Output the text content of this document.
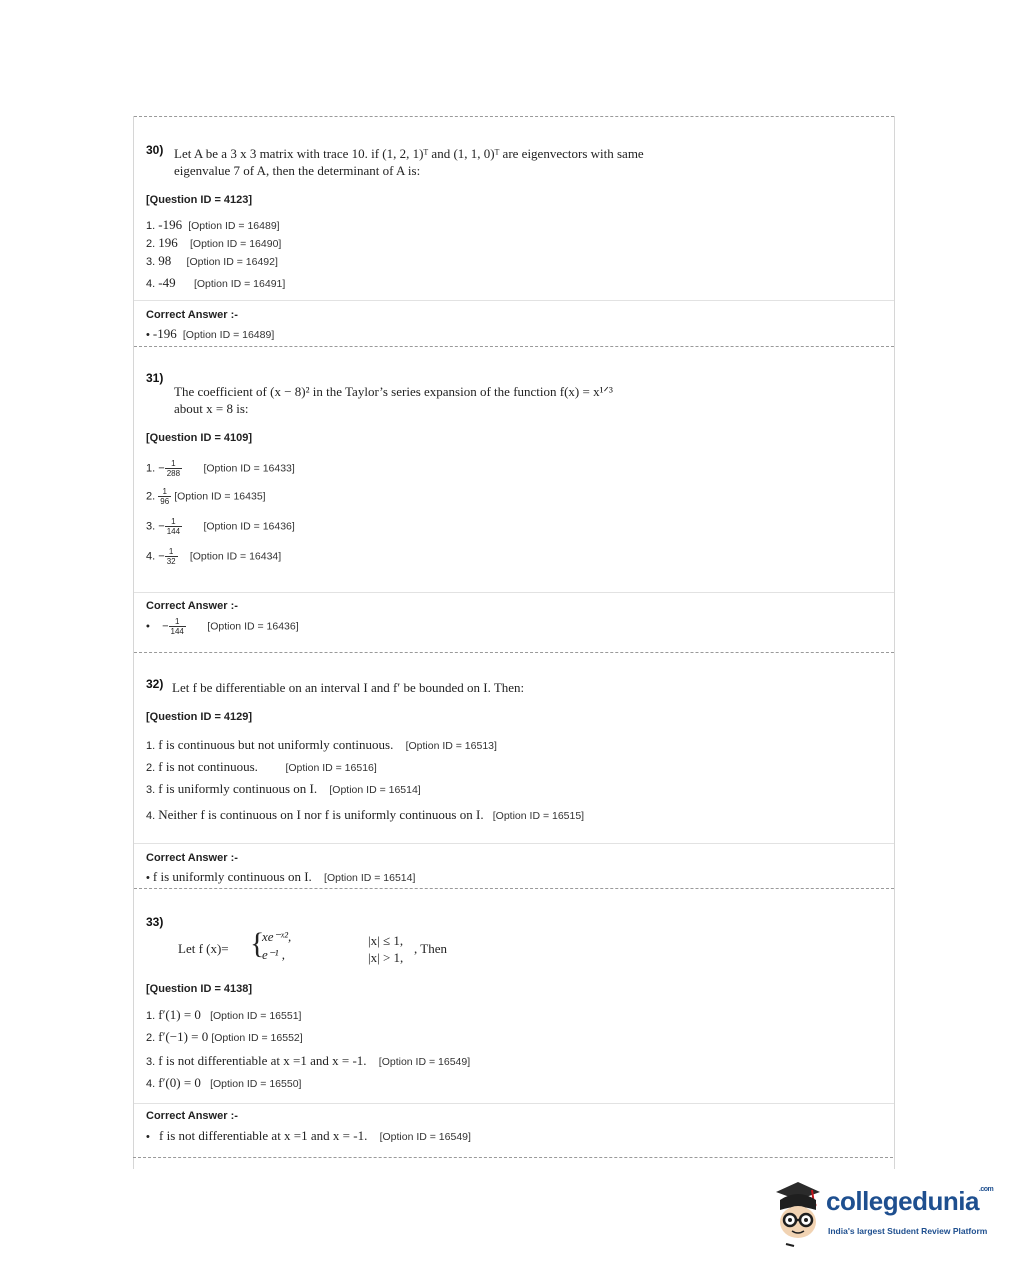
30) Let A be a 3 x 3 matrix with trace 10. if (1, 2, 1)ᵀ and (1, 1, 0)ᵀ are eigenvectors with same
eigenvalue 7 of A, then the determinant of A is:
[Question ID = 4123]
1. -196 [Option ID = 16489]
2. 196 [Option ID = 16490]
3. 98 [Option ID = 16492]
4. -49 [Option ID = 16491]
Correct Answer :-
• -196 [Option ID = 16489]
31)
The coefficient of (x − 8)² in the Taylor’s series expansion of the function f(x) = x¹ᐟ³
about x = 8 is:
[Question ID = 4109]
1. − $\frac{1}{288}$ [Option ID = 16433]
2. $\frac{1}{96}$ [Option ID = 16435]
3. − $\frac{1}{144}$ [Option ID = 16436]
4. − $\frac{1}{32}$ [Option ID = 16434]
Correct Answer :-
• − $\frac{1}{144}$ [Option ID = 16436]
32) Let f be differentiable on an interval I and f′ be bounded on I. Then:
[Question ID = 4129]
1. f is continuous but not uniformly continuous. [Option ID = 16513]
2. f is not continuous.	[Option ID = 16516]
3. f is uniformly continuous on I. [Option ID = 16514]
4. Neither f is continuous on I nor f is uniformly continuous on I. [Option ID = 16515]
Correct Answer :-
• f is uniformly continuous on I. [Option ID = 16514]
33)
Let f (x)= {
xe⁻ˣ²,
e⁻¹ ,
|x| ≤ 1,
|x| > 1,
, Then
[Question ID = 4138]
1. f′(1) = 0 [Option ID = 16551]
2. f′(−1) = 0 [Option ID = 16552]
3. f is not differentiable at x =1 and x = -1. [Option ID = 16549]
4. f′(0) = 0 [Option ID = 16550]
Correct Answer :-
• f is not differentiable at x =1 and x = -1. [Option ID = 16549]
collegedunia$^{.com}$
India's largest Student Review Platform
